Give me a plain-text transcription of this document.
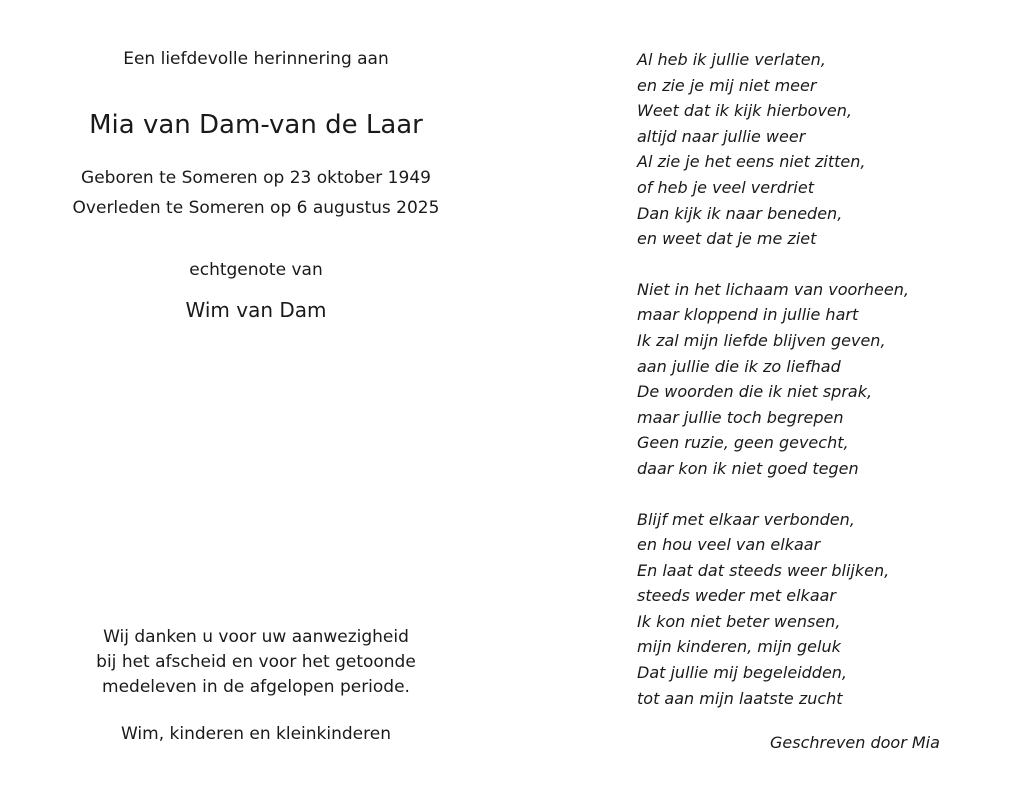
Een liefdevolle herinnering aan
Mia van Dam-van de Laar
Geboren te Someren op 23 oktober 1949
Overleden te Someren op 6 augustus 2025
echtgenote van
Wim van Dam
Wij danken u voor uw aanwezigheid
bij het afscheid en voor het getoonde
medeleven in de afgelopen periode.
Wim, kinderen en kleinkinderen
Al heb ik jullie verlaten,
en zie je mij niet meer
Weet dat ik kijk hierboven,
altijd naar jullie weer
Al zie je het eens niet zitten,
of heb je veel verdriet
Dan kijk ik naar beneden,
en weet dat je me ziet
Niet in het lichaam van voorheen,
maar kloppend in jullie hart
Ik zal mijn liefde blijven geven,
aan jullie die ik zo liefhad
De woorden die ik niet sprak,
maar jullie toch begrepen
Geen ruzie, geen gevecht,
daar kon ik niet goed tegen
Blijf met elkaar verbonden,
en hou veel van elkaar
En laat dat steeds weer blijken,
steeds weder met elkaar
Ik kon niet beter wensen,
mijn kinderen, mijn geluk
Dat jullie mij begeleidden,
tot aan mijn laatste zucht
Geschreven door Mia
